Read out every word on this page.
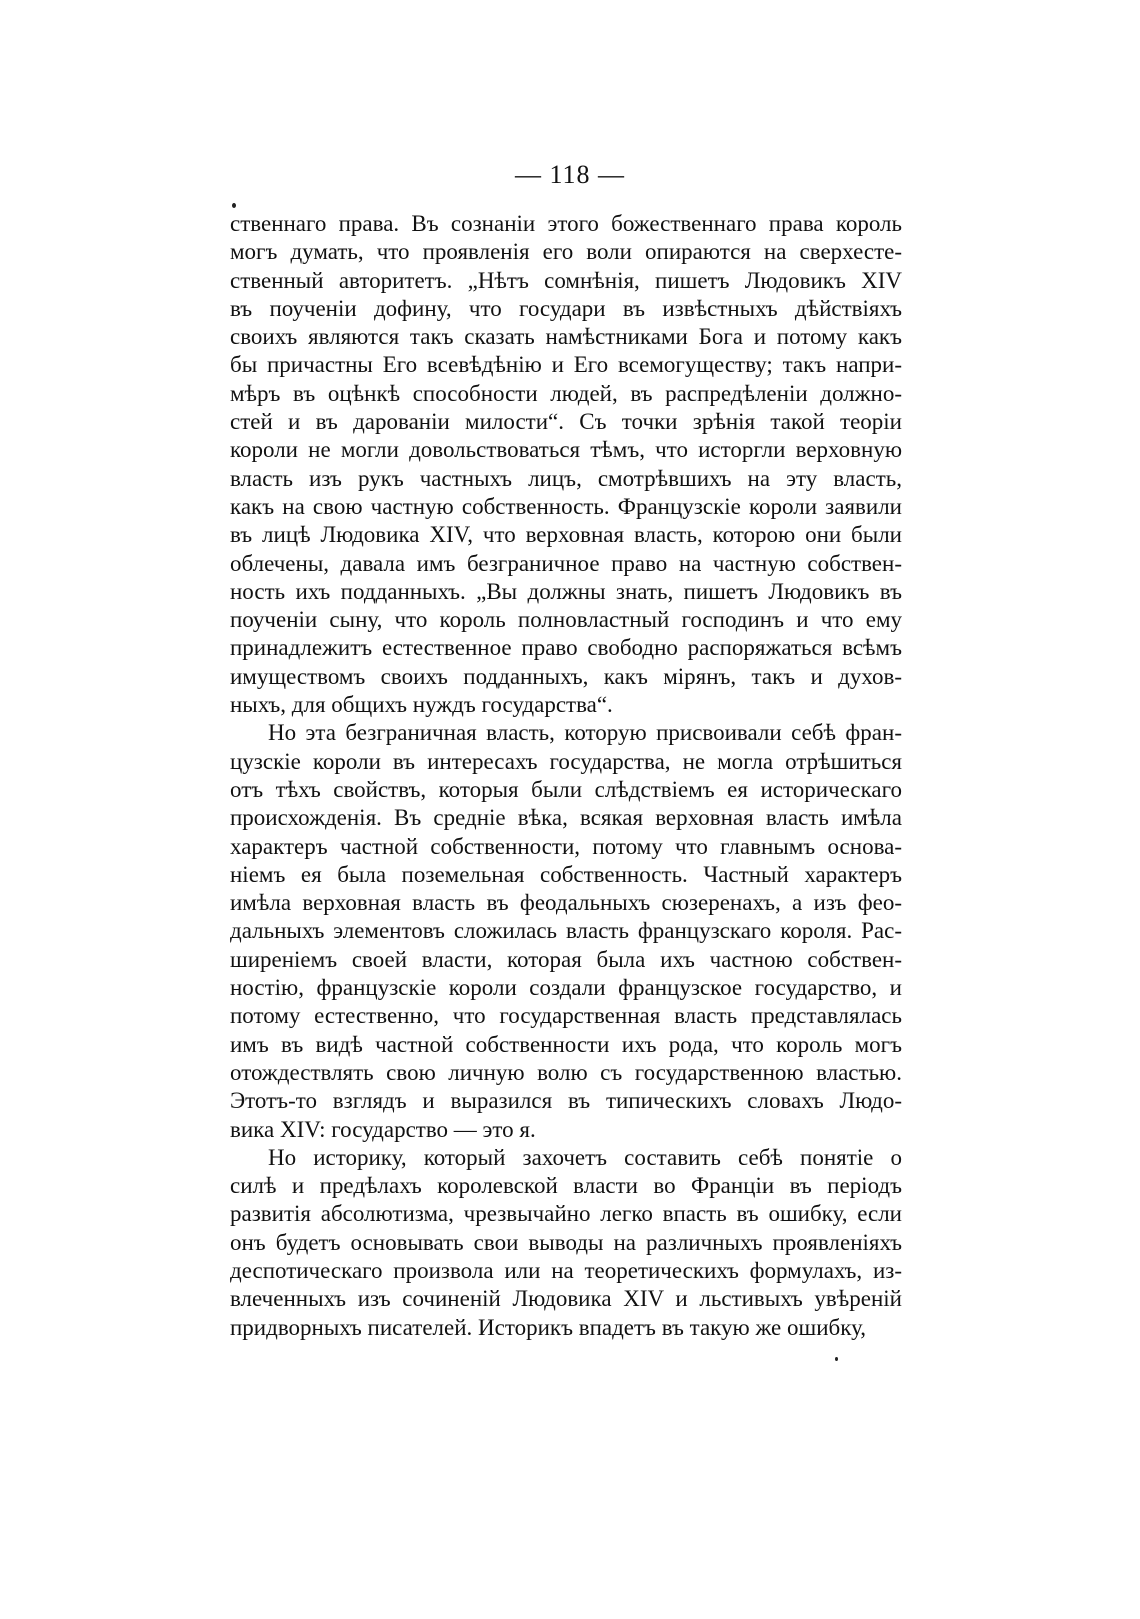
— 118 —
ственнаго права. Въ сознанiи этого божественнаго права король
могъ думать, что проявленiя его воли опираются на сверхесте-
ственный авторитетъ. „Нѣтъ сомнѣнiя, пишетъ Людовикъ XIV
въ поученiи дофину, что государи въ извѣстныхъ дѣйствiяхъ
своихъ являются такъ сказать намѣстниками Бога и потому какъ
бы причастны Его всевѣдѣнiю и Его всемогуществу; такъ напри-
мѣръ въ оцѣнкѣ способности людей, въ распредѣленiи должно-
стей и въ дарованiи милости“. Съ точки зрѣнiя такой теорiи
короли не могли довольствоваться тѣмъ, что исторгли верховную
власть изъ рукъ частныхъ лицъ, смотрѣвшихъ на эту власть,
какъ на свою частную собственность. Французскiе короли заявили
въ лицѣ Людовика XIV, что верховная власть, которою они были
облечены, давала имъ безграничное право на частную собствен-
ность ихъ подданныхъ. „Вы должны знать, пишетъ Людовикъ въ
поученiи сыну, что король полновластный господинъ и что ему
принадлежитъ естественное право свободно распоряжаться всѣмъ
имуществомъ своихъ подданныхъ, какъ мiрянъ, такъ и духов-
ныхъ, для общихъ нуждъ государства“.
Но эта безграничная власть, которую присвоивали себѣ фран-
цузскiе короли въ интересахъ государства, не могла отрѣшиться
отъ тѣхъ свойствъ, которыя были слѣдствiемъ ея историческаго
происхожденiя. Въ среднiе вѣка, всякая верховная власть имѣла
характеръ частной собственности, потому что главнымъ основа-
нiемъ ея была поземельная собственность. Частный характеръ
имѣла верховная власть въ феодальныхъ сюзеренахъ, а изъ фео-
дальныхъ элементовъ сложилась власть французскаго короля. Рас-
ширенiемъ своей власти, которая была ихъ частною собствен-
ностiю, французскiе короли создали французское государство, и
потому естественно, что государственная власть представлялась
имъ въ видѣ частной собственности ихъ рода, что король могъ
отождествлять свою личную волю съ государственною властью.
Этотъ-то взглядъ и выразился въ типическихъ словахъ Людо-
вика XIV: государство — это я.
Но историку, который захочетъ составить себѣ понятiе о
силѣ и предѣлахъ королевской власти во Францiи въ перiодъ
развитiя абсолютизма, чрезвычайно легко впасть въ ошибку, если
онъ будетъ основывать свои выводы на различныхъ проявленiяхъ
деспотическаго произвола или на теоретическихъ формулахъ, из-
влеченныхъ изъ сочиненiй Людовика XIV и льстивыхъ увѣренiй
придворныхъ писателей. Историкъ впадетъ въ такую же ошибку,
